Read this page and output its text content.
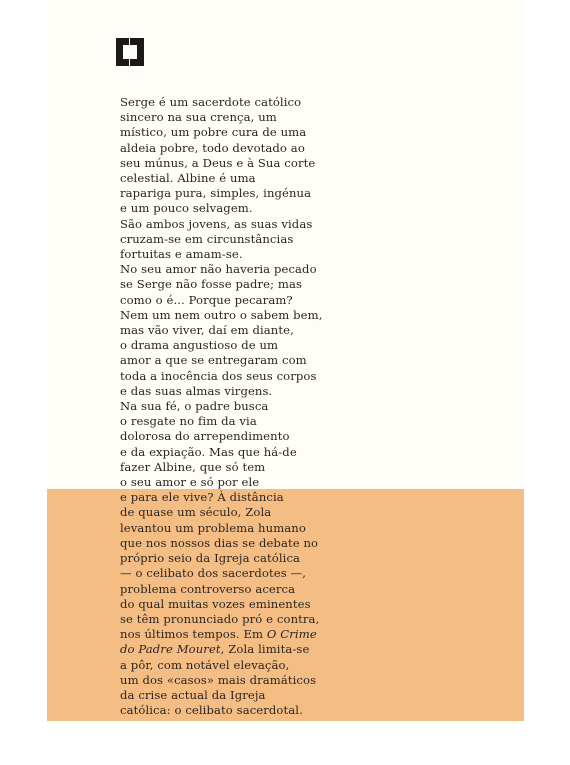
Serge é um sacerdote católico
sincero na sua crença, um
místico, um pobre cura de uma
aldeia pobre, todo devotado ao
seu múnus, a Deus e à Sua corte
celestial. Albine é uma
rapariga pura, simples, ingénua
e um pouco selvagem.
São ambos jovens, as suas vidas
cruzam-se em circunstâncias
fortuitas e amam-se.
No seu amor não haveria pecado
se Serge não fosse padre; mas
como o é... Porque pecaram?
Nem um nem outro o sabem bem,
mas vão viver, daí em diante,
o drama angustioso de um
amor a que se entregaram com
toda a inocência dos seus corpos
e das suas almas virgens.
Na sua fé, o padre busca
o resgate no fim da via
dolorosa do arrependimento
e da expiação. Mas que há-de
fazer Albine, que só tem
o seu amor e só por ele
e para ele vive? À distância
de quase um século, Zola
levantou um problema humano
que nos nossos dias se debate no
próprio seio da Igreja católica
— o celibato dos sacerdotes —,
problema controverso acerca
do qual muitas vozes eminentes
se têm pronunciado pró e contra,
nos últimos tempos. Em O Crime
do Padre Mouret, Zola limita-se
a pôr, com notável elevação,
um dos «casos» mais dramáticos
da crise actual da Igreja
católica: o celibato sacerdotal.
